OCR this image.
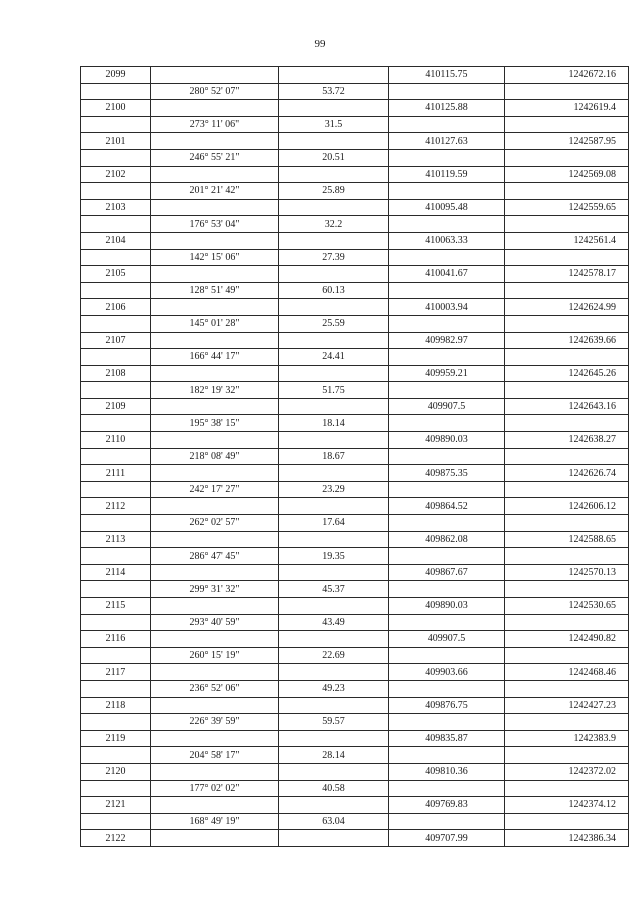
99
2099			410115.75	1242672.16
	280° 52' 07"	53.72		
2100			410125.88	1242619.4
	273° 11' 06"	31.5		
2101			410127.63	1242587.95
	246° 55' 21"	20.51		
2102			410119.59	1242569.08
	201° 21' 42"	25.89		
2103			410095.48	1242559.65
	176° 53' 04"	32.2		
2104			410063.33	1242561.4
	142° 15' 06"	27.39		
2105			410041.67	1242578.17
	128° 51' 49"	60.13		
2106			410003.94	1242624.99
	145° 01' 28"	25.59		
2107			409982.97	1242639.66
	166° 44' 17"	24.41		
2108			409959.21	1242645.26
	182° 19' 32"	51.75		
2109			409907.5	1242643.16
	195° 38' 15"	18.14		
2110			409890.03	1242638.27
	218° 08' 49"	18.67		
2111			409875.35	1242626.74
	242° 17' 27"	23.29		
2112			409864.52	1242606.12
	262° 02' 57"	17.64		
2113			409862.08	1242588.65
	286° 47' 45"	19.35		
2114			409867.67	1242570.13
	299° 31' 32"	45.37		
2115			409890.03	1242530.65
	293° 40' 59"	43.49		
2116			409907.5	1242490.82
	260° 15' 19"	22.69		
2117			409903.66	1242468.46
	236° 52' 06"	49.23		
2118			409876.75	1242427.23
	226° 39' 59"	59.57		
2119			409835.87	1242383.9
	204° 58' 17"	28.14		
2120			409810.36	1242372.02
	177° 02' 02"	40.58		
2121			409769.83	1242374.12
	168° 49' 19"	63.04		
2122			409707.99	1242386.34
